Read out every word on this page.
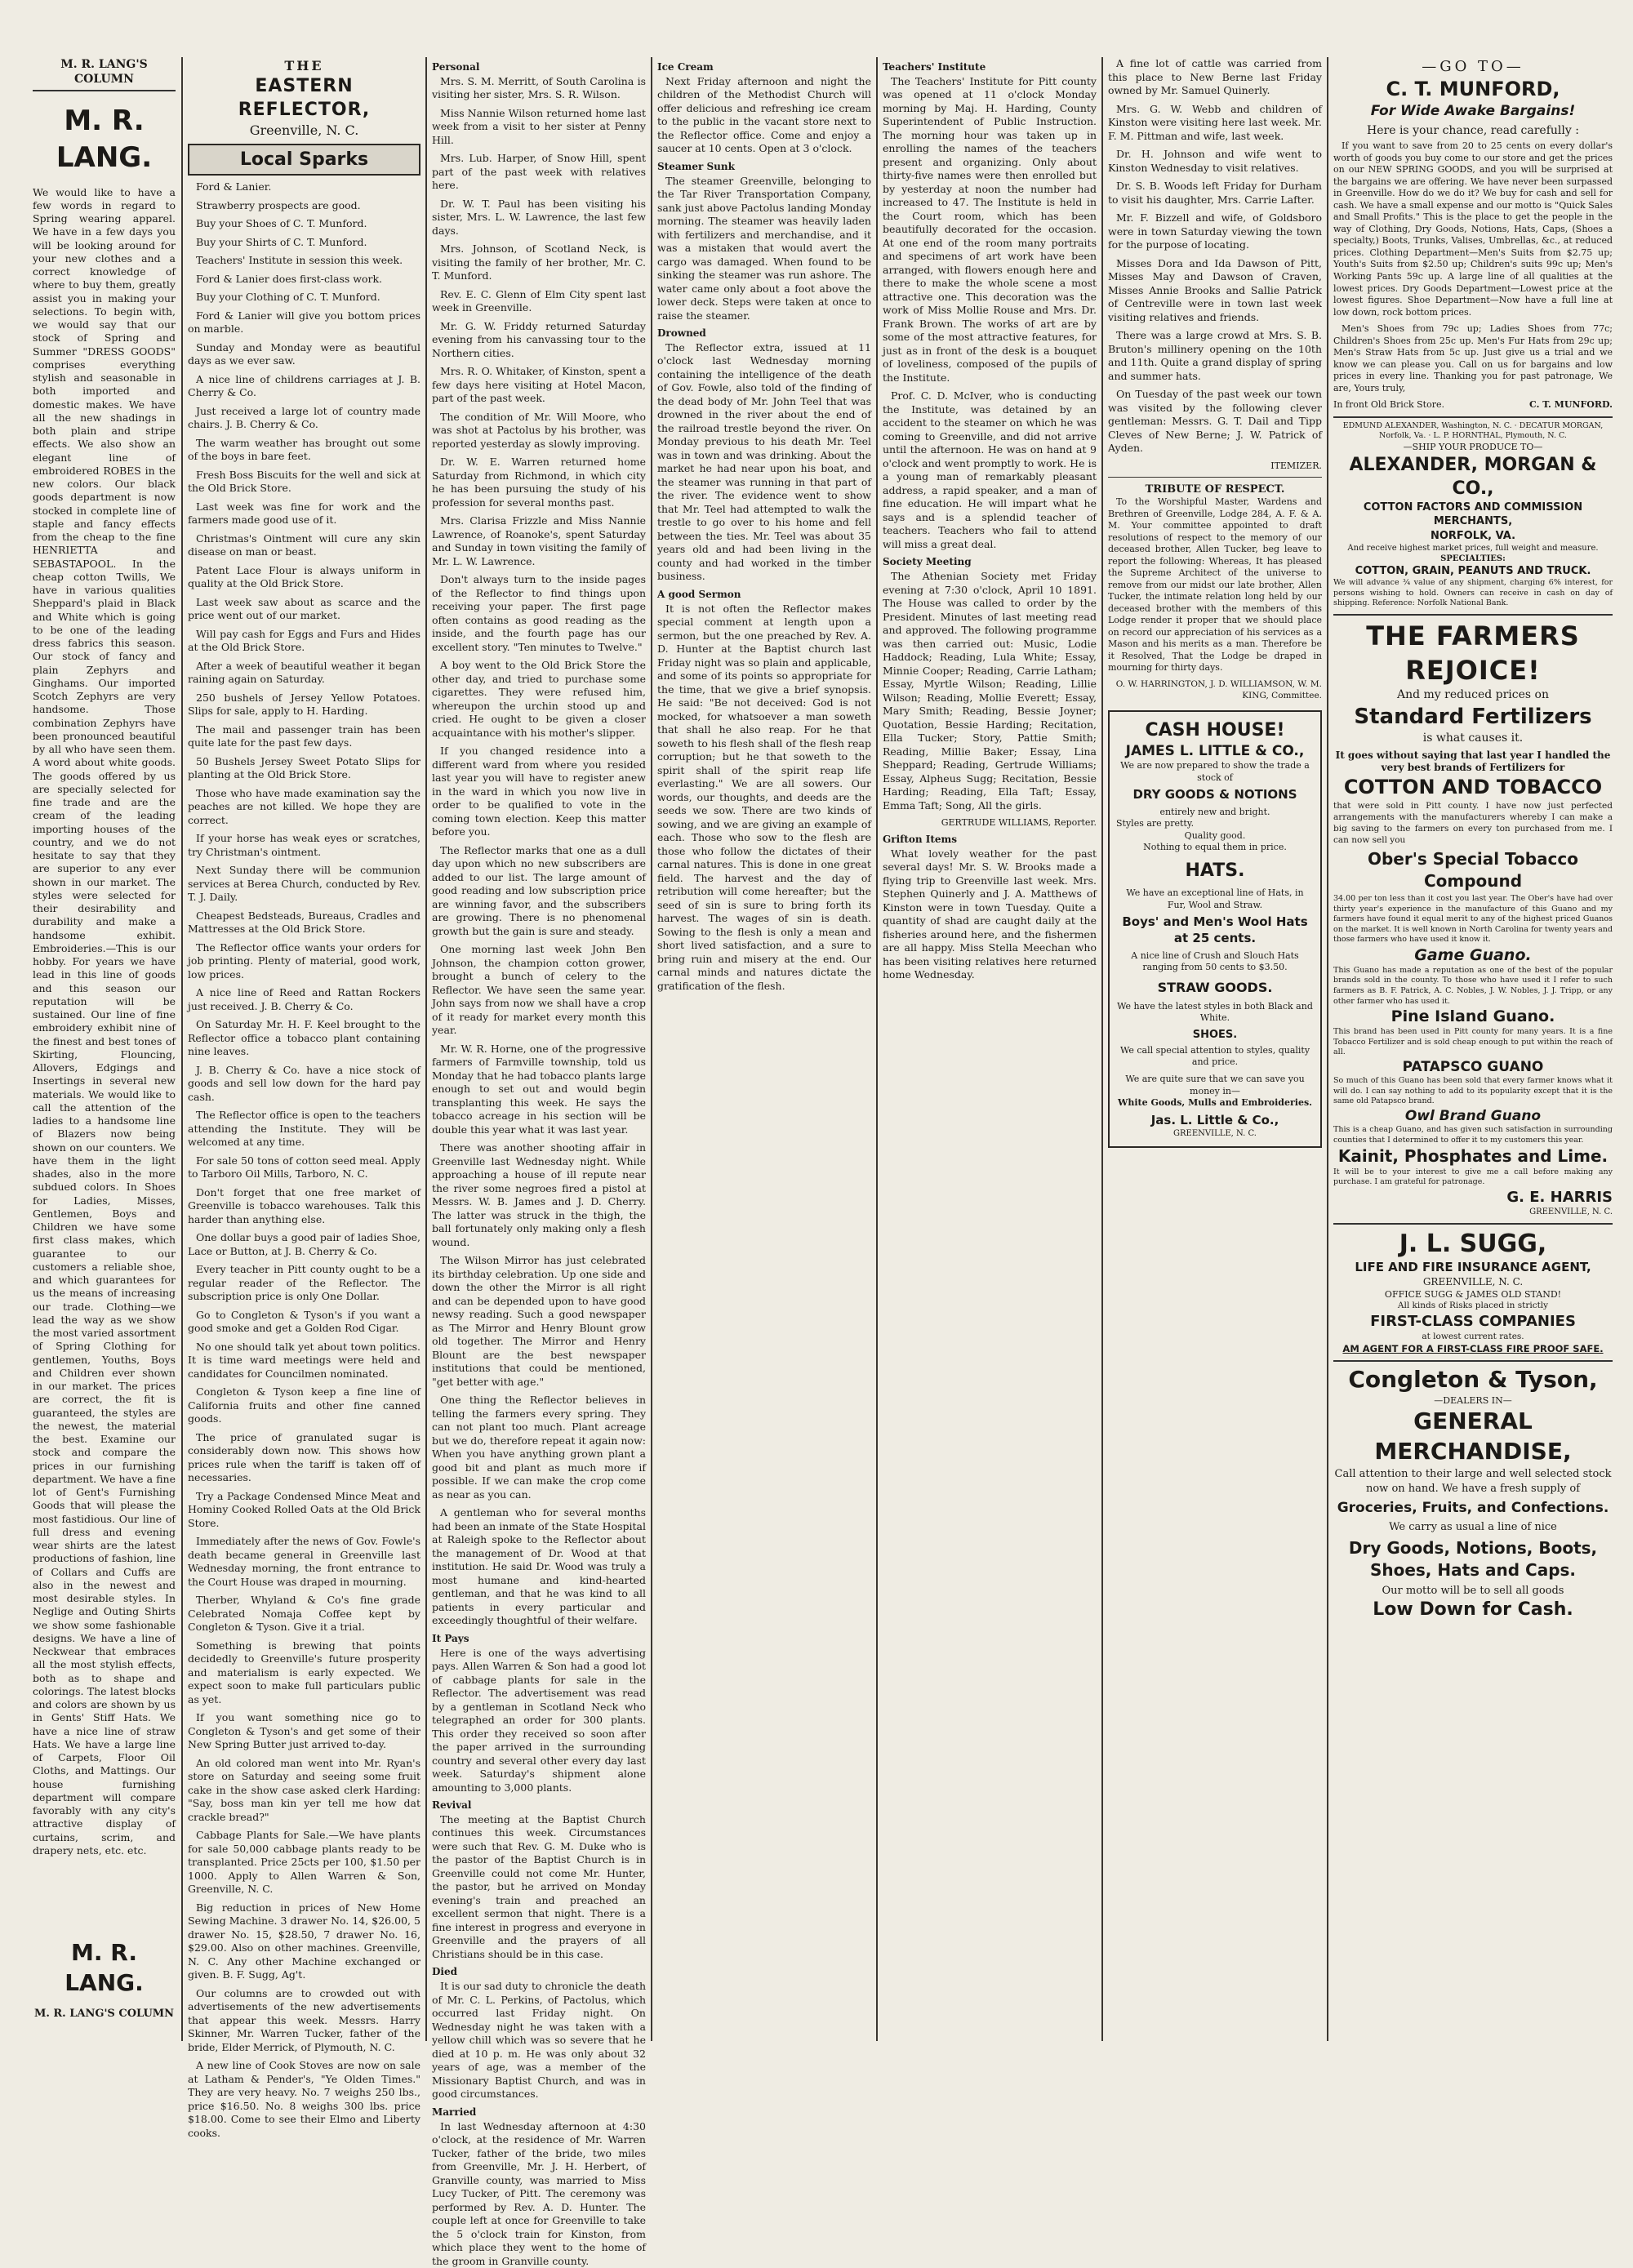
M. R. LANG'S COLUMN
M. R. LANG.
We would like to have a few words in regard to Spring wearing apparel. We have in a few days you will be looking around for your new clothes and a correct knowledge of where to buy them, greatly assist you in making your selections. To begin with, we would say that our stock of Spring and Summer "DRESS GOODS" comprises everything stylish and seasonable in both imported and domestic makes. We have all the new shadings in both plain and stripe effects. We also show an elegant line of embroidered ROBES in the new colors. Our black goods department is now stocked in complete line of staple and fancy effects from the cheap to the fine HENRIETTA and SEBASTAPOOL. In the cheap cotton Twills, We have in various qualities Sheppard's plaid in Black and White which is going to be one of the leading dress fabrics this season. Our stock of fancy and plain Zephyrs and Ginghams. Our imported Scotch Zephyrs are very handsome. Those combination Zephyrs have been pronounced beautiful by all who have seen them. A word about white goods. The goods offered by us are specially selected for fine trade and are the cream of the leading importing houses of the country, and we do not hesitate to say that they are superior to any ever shown in our market. The styles were selected for their desirability and durability and make a handsome exhibit. Embroideries.—This is our hobby. For years we have lead in this line of goods and this season our reputation will be sustained. Our line of fine embroidery exhibit nine of the finest and best tones of Skirting, Flouncing, Allovers, Edgings and Insertings in several new materials. We would like to call the attention of the ladies to a handsome line of Blazers now being shown on our counters. We have them in the light shades, also in the more subdued colors. In Shoes for Ladies, Misses, Gentlemen, Boys and Children we have some first class makes, which guarantee to our customers a reliable shoe, and which guarantees for us the means of increasing our trade. Clothing—we lead the way as we show the most varied assortment of Spring Clothing for gentlemen, Youths, Boys and Children ever shown in our market. The prices are correct, the fit is guaranteed, the styles are the newest, the material the best. Examine our stock and compare the prices in our furnishing department. We have a fine lot of Gent's Furnishing Goods that will please the most fastidious. Our line of full dress and evening wear shirts are the latest productions of fashion, line of Collars and Cuffs are also in the newest and most desirable styles. In Neglige and Outing Shirts we show some fashionable designs. We have a line of Neckwear that embraces all the most stylish effects, both as to shape and colorings. The latest blocks and colors are shown by us in Gents' Stiff Hats. We have a nice line of straw Hats. We have a large line of Carpets, Floor Oil Cloths, and Mattings. Our house furnishing department will compare favorably with any city's attractive display of curtains, scrim, and drapery nets, etc. etc.
M. R. LANG.
M. R. LANG'S COLUMN
THE
EASTERN REFLECTOR,
Greenville, N. C.
Local Sparks

Ford & Lanier.

Strawberry prospects are good.

Buy your Shoes of C. T. Munford.

Buy your Shirts of C. T. Munford.

Teachers' Institute in session this week.

Ford & Lanier does first-class work.

Buy your Clothing of C. T. Munford.

Ford & Lanier will give you bottom prices on marble.

Sunday and Monday were as beautiful days as we ever saw.

A nice line of childrens carriages at J. B. Cherry & Co.

Just received a large lot of country made chairs. J. B. Cherry & Co.

The warm weather has brought out some of the boys in bare feet.

Fresh Boss Biscuits for the well and sick at the Old Brick Store.

Last week was fine for work and the farmers made good use of it.

Christmas's Ointment will cure any skin disease on man or beast.

Patent Lace Flour is always uniform in quality at the Old Brick Store.

Last week saw about as scarce and the price went out of our market.

Will pay cash for Eggs and Furs and Hides at the Old Brick Store.

After a week of beautiful weather it began raining again on Saturday.

250 bushels of Jersey Yellow Potatoes. Slips for sale, apply to H. Harding.

The mail and passenger train has been quite late for the past few days.

50 Bushels Jersey Sweet Potato Slips for planting at the Old Brick Store.

Those who have made examination say the peaches are not killed. We hope they are correct.

If your horse has weak eyes or scratches, try Christman's ointment.

Next Sunday there will be communion services at Berea Church, conducted by Rev. T. J. Daily.

Cheapest Bedsteads, Bureaus, Cradles and Mattresses at the Old Brick Store.

The Reflector office wants your orders for job printing. Plenty of material, good work, low prices.

A nice line of Reed and Rattan Rockers just received. J. B. Cherry & Co.

On Saturday Mr. H. F. Keel brought to the Reflector office a tobacco plant containing nine leaves.

J. B. Cherry & Co. have a nice stock of goods and sell low down for the hard pay cash.

The Reflector office is open to the teachers attending the Institute. They will be welcomed at any time.

For sale 50 tons of cotton seed meal. Apply to Tarboro Oil Mills, Tarboro, N. C.

Don't forget that one free market of Greenville is tobacco warehouses. Talk this harder than anything else.

One dollar buys a good pair of ladies Shoe, Lace or Button, at J. B. Cherry & Co.

Every teacher in Pitt county ought to be a regular reader of the Reflector. The subscription price is only One Dollar.

Go to Congleton & Tyson's if you want a good smoke and get a Golden Rod Cigar.

No one should talk yet about town politics. It is time ward meetings were held and candidates for Councilmen nominated.

Congleton & Tyson keep a fine line of California fruits and other fine canned goods.

The price of granulated sugar is considerably down now. This shows how prices rule when the tariff is taken off of necessaries.

Try a Package Condensed Mince Meat and Hominy Cooked Rolled Oats at the Old Brick Store.

Immediately after the news of Gov. Fowle's death became general in Greenville last Wednesday morning, the front entrance to the Court House was draped in mourning.

Therber, Whyland & Co's fine grade Celebrated Nomaja Coffee kept by Congleton & Tyson. Give it a trial.

Something is brewing that points decidedly to Greenville's future prosperity and materialism is early expected. We expect soon to make full particulars public as yet.

If you want something nice go to Congleton & Tyson's and get some of their New Spring Butter just arrived to-day.

An old colored man went into Mr. Ryan's store on Saturday and seeing some fruit cake in the show case asked clerk Harding: "Say, boss man kin yer tell me how dat crackle bread?"

Cabbage Plants for Sale.—We have plants for sale 50,000 cabbage plants ready to be transplanted. Price 25cts per 100, $1.50 per 1000. Apply to Allen Warren & Son, Greenville, N. C.

Big reduction in prices of New Home Sewing Machine. 3 drawer No. 14, $26.00, 5 drawer No. 15, $28.50, 7 drawer No. 16, $29.00. Also on other machines. Greenville, N. C. Any other Machine exchanged or given. B. F. Sugg, Ag't.

Our columns are to crowded out with advertisements of the new advertisements that appear this week. Messrs. Harry Skinner, Mr. Warren Tucker, father of the bride, Elder Merrick, of Plymouth, N. C.

A new line of Cook Stoves are now on sale at Latham & Pender's, "Ye Olden Times." They are very heavy. No. 7 weighs 250 lbs., price $16.50. No. 8 weighs 300 lbs. price $18.00. Come to see their Elmo and Liberty cooks.

Personal

Mrs. S. M. Merritt, of South Carolina is visiting her sister, Mrs. S. R. Wilson.

Miss Nannie Wilson returned home last week from a visit to her sister at Penny Hill.

Mrs. Lub. Harper, of Snow Hill, spent part of the past week with relatives here.

Dr. W. T. Paul has been visiting his sister, Mrs. L. W. Lawrence, the last few days.

Mrs. Johnson, of Scotland Neck, is visiting the family of her brother, Mr. C. T. Munford.

Rev. E. C. Glenn of Elm City spent last week in Greenville.

Mr. G. W. Friddy returned Saturday evening from his canvassing tour to the Northern cities.

Mrs. R. O. Whitaker, of Kinston, spent a few days here visiting at Hotel Macon, part of the past week.

The condition of Mr. Will Moore, who was shot at Pactolus by his brother, was reported yesterday as slowly improving.

Dr. W. E. Warren returned home Saturday from Richmond, in which city he has been pursuing the study of his profession for several months past.

Mrs. Clarisa Frizzle and Miss Nannie Lawrence, of Roanoke's, spent Saturday and Sunday in town visiting the family of Mr. L. W. Lawrence.

Don't always turn to the inside pages of the Reflector to find things upon receiving your paper. The first page often contains as good reading as the inside, and the fourth page has our excellent story. "Ten minutes to Twelve."

A boy went to the Old Brick Store the other day, and tried to purchase some cigarettes. They were refused him, whereupon the urchin stood up and cried. He ought to be given a closer acquaintance with his mother's slipper.

If you changed residence into a different ward from where you resided last year you will have to register anew in the ward in which you now live in order to be qualified to vote in the coming town election. Keep this matter before you.

The Reflector marks that one as a dull day upon which no new subscribers are added to our list. The large amount of good reading and low subscription price are winning favor, and the subscribers are growing. There is no phenomenal growth but the gain is sure and steady.

One morning last week John Ben Johnson, the champion cotton grower, brought a bunch of celery to the Reflector. We have seen the same year. John says from now we shall have a crop of it ready for market every month this year.

Mr. W. R. Horne, one of the progressive farmers of Farmville township, told us Monday that he had tobacco plants large enough to set out and would begin transplanting this week. He says the tobacco acreage in his section will be double this year what it was last year.

There was another shooting affair in Greenville last Wednesday night. While approaching a house of ill repute near the river some negroes fired a pistol at Messrs. W. B. James and J. D. Cherry. The latter was struck in the thigh, the ball fortunately only making only a flesh wound.

The Wilson Mirror has just celebrated its birthday celebration. Up one side and down the other the Mirror is all right and can be depended upon to have good newsy reading. Such a good newspaper as The Mirror and Henry Blount grow old together. The Mirror and Henry Blount are the best newspaper institutions that could be mentioned, "get better with age."

One thing the Reflector believes in telling the farmers every spring. They can not plant too much. Plant acreage but we do, therefore repeat it again now: When you have anything grown plant a good bit and plant as much more if possible. If we can make the crop come as near as you can.

A gentleman who for several months had been an inmate of the State Hospital at Raleigh spoke to the Reflector about the management of Dr. Wood at that institution. He said Dr. Wood was truly a most humane and kind-hearted gentleman, and that he was kind to all patients in every particular and exceedingly thoughtful of their welfare.

It Pays

Here is one of the ways advertising pays. Allen Warren & Son had a good lot of cabbage plants for sale in the Reflector. The advertisement was read by a gentleman in Scotland Neck who telegraphed an order for 300 plants. This order they received so soon after the paper arrived in the surrounding country and several other every day last week. Saturday's shipment alone amounting to 3,000 plants.

Revival

The meeting at the Baptist Church continues this week. Circumstances were such that Rev. G. M. Duke who is the pastor of the Baptist Church is in Greenville could not come Mr. Hunter, the pastor, but he arrived on Monday evening's train and preached an excellent sermon that night. There is a fine interest in progress and everyone in Greenville and the prayers of all Christians should be in this case.

Died

It is our sad duty to chronicle the death of Mr. C. L. Perkins, of Pactolus, which occurred last Friday night. On Wednesday night he was taken with a yellow chill which was so severe that he died at 10 p. m. He was only about 32 years of age, was a member of the Missionary Baptist Church, and was in good circumstances.

Married

In last Wednesday afternoon at 4:30 o'clock, at the residence of Mr. Warren Tucker, father of the bride, two miles from Greenville, Mr. J. H. Herbert, of Granville county, was married to Miss Lucy Tucker, of Pitt. The ceremony was performed by Rev. A. D. Hunter. The couple left at once for Greenville to take the 5 o'clock train for Kinston, from which place they went to the home of the groom in Granville county.

Ice Cream

Next Friday afternoon and night the children of the Methodist Church will offer delicious and refreshing ice cream to the public in the vacant store next to the Reflector office. Come and enjoy a saucer at 10 cents. Open at 3 o'clock.

Steamer Sunk

The steamer Greenville, belonging to the Tar River Transportation Company, sank just above Pactolus landing Monday morning. The steamer was heavily laden with fertilizers and merchandise, and it was a mistaken that would avert the cargo was damaged. When found to be sinking the steamer was run ashore. The water came only about a foot above the lower deck. Steps were taken at once to raise the steamer.

Drowned

The Reflector extra, issued at 11 o'clock last Wednesday morning containing the intelligence of the death of Gov. Fowle, also told of the finding of the dead body of Mr. John Teel that was drowned in the river about the end of the railroad trestle beyond the river. On Monday previous to his death Mr. Teel was in town and was drinking. About the market he had near upon his boat, and the steamer was running in that part of the river. The evidence went to show that Mr. Teel had attempted to walk the trestle to go over to his home and fell between the ties. Mr. Teel was about 35 years old and had been living in the county and had worked in the timber business.

A good Sermon

It is not often the Reflector makes special comment at length upon a sermon, but the one preached by Rev. A. D. Hunter at the Baptist church last Friday night was so plain and applicable, and some of its points so appropriate for the time, that we give a brief synopsis. He said: "Be not deceived: God is not mocked, for whatsoever a man soweth that shall he also reap. For he that soweth to his flesh shall of the flesh reap corruption; but he that soweth to the spirit shall of the spirit reap life everlasting." We are all sowers. Our words, our thoughts, and deeds are the seeds we sow. There are two kinds of sowing, and we are giving an example of each. Those who sow to the flesh are those who follow the dictates of their carnal natures. This is done in one great field. The harvest and the day of retribution will come hereafter; but the seed of sin is sure to bring forth its harvest. The wages of sin is death. Sowing to the flesh is only a mean and short lived satisfaction, and a sure to bring ruin and misery at the end. Our carnal minds and natures dictate the gratification of the flesh.

Teachers' Institute

The Teachers' Institute for Pitt county was opened at 11 o'clock Monday morning by Maj. H. Harding, County Superintendent of Public Instruction. The morning hour was taken up in enrolling the names of the teachers present and organizing. Only about thirty-five names were then enrolled but by yesterday at noon the number had increased to 47. The Institute is held in the Court room, which has been beautifully decorated for the occasion. At one end of the room many portraits and specimens of art work have been arranged, with flowers enough here and there to make the whole scene a most attractive one. This decoration was the work of Miss Mollie Rouse and Mrs. Dr. Frank Brown. The works of art are by some of the most attractive features, for just as in front of the desk is a bouquet of loveliness, composed of the pupils of the Institute.

Prof. C. D. McIver, who is conducting the Institute, was detained by an accident to the steamer on which he was coming to Greenville, and did not arrive until the afternoon. He was on hand at 9 o'clock and went promptly to work. He is a young man of remarkably pleasant address, a rapid speaker, and a man of fine education. He will impart what he says and is a splendid teacher of teachers. Teachers who fail to attend will miss a great deal.

Society Meeting

The Athenian Society met Friday evening at 7:30 o'clock, April 10 1891. The House was called to order by the President. Minutes of last meeting read and approved. The following programme was then carried out: Music, Lodie Haddock; Reading, Lula White; Essay, Minnie Cooper; Reading, Carrie Latham; Essay, Myrtle Wilson; Reading, Lillie Wilson; Reading, Mollie Everett; Essay, Mary Smith; Reading, Bessie Joyner; Quotation, Bessie Harding; Recitation, Ella Tucker; Story, Pattie Smith; Reading, Millie Baker; Essay, Lina Sheppard; Reading, Gertrude Williams; Essay, Alpheus Sugg; Recitation, Bessie Harding; Reading, Ella Taft; Essay, Emma Taft; Song, All the girls.

GERTRUDE WILLIAMS, Reporter.
Grifton Items

What lovely weather for the past several days! Mr. S. W. Brooks made a flying trip to Greenville last week. Mrs. Stephen Quinerly and J. A. Matthews of Kinston were in town Tuesday. Quite a quantity of shad are caught daily at the fisheries around here, and the fishermen are all happy. Miss Stella Meechan who has been visiting relatives here returned home Wednesday.

A fine lot of cattle was carried from this place to New Berne last Friday owned by Mr. Samuel Quinerly.

Mrs. G. W. Webb and children of Kinston were visiting here last week. Mr. F. M. Pittman and wife, last week.

Dr. H. Johnson and wife went to Kinston Wednesday to visit relatives.

Dr. S. B. Woods left Friday for Durham to visit his daughter, Mrs. Carrie Lafter.

Mr. F. Bizzell and wife, of Goldsboro were in town Saturday viewing the town for the purpose of locating.

Misses Dora and Ida Dawson of Pitt, Misses May and Dawson of Craven, Misses Annie Brooks and Sallie Patrick of Centreville were in town last week visiting relatives and friends.

There was a large crowd at Mrs. S. B. Bruton's millinery opening on the 10th and 11th. Quite a grand display of spring and summer hats.

On Tuesday of the past week our town was visited by the following clever gentleman: Messrs. G. T. Dail and Tipp Cleves of New Berne; J. W. Patrick of Ayden.

ITEMIZER.
TRIBUTE OF RESPECT.

To the Worshipful Master, Wardens and Brethren of Greenville, Lodge 284, A. F. & A. M. Your committee appointed to draft resolutions of respect to the memory of our deceased brother, Allen Tucker, beg leave to report the following: Whereas, It has pleased the Supreme Architect of the universe to remove from our midst our late brother, Allen Tucker, the intimate relation long held by our deceased brother with the members of this Lodge render it proper that we should place on record our appreciation of his services as a Mason and his merits as a man. Therefore be it Resolved, That the Lodge be draped in mourning for thirty days.

O. W. HARRINGTON, J. D. WILLIAMSON, W. M. KING, Committee.
CASH HOUSE!
JAMES L. LITTLE & CO.,
We are now prepared to show the trade a stock of
DRY GOODS & NOTIONS
entirely new and bright.
Styles are pretty.
Quality good.
Nothing to equal them in price.
HATS.
We have an exceptional line of Hats, in Fur, Wool and Straw.
Boys' and Men's Wool Hats at 25 cents.
A nice line of Crush and Slouch Hats ranging from 50 cents to $3.50.
STRAW GOODS.
We have the latest styles in both Black and White.
SHOES.
We call special attention to styles, quality and price.
We are quite sure that we can save you money in—
White Goods, Mulls and Embroideries.
Jas. L. Little & Co.,
GREENVILLE, N. C.
—GO TO—
C. T. MUNFORD,
For Wide Awake Bargains!
Here is your chance, read carefully :

If you want to save from 20 to 25 cents on every dollar's worth of goods you buy come to our store and get the prices on our NEW SPRING GOODS, and you will be surprised at the bargains we are offering. We have never been surpassed in Greenville. How do we do it? We buy for cash and sell for cash. We have a small expense and our motto is "Quick Sales and Small Profits." This is the place to get the people in the way of Clothing, Dry Goods, Notions, Hats, Caps, (Shoes a specialty,) Boots, Trunks, Valises, Umbrellas, &c., at reduced prices. Clothing Department—Men's Suits from $2.75 up; Youth's Suits from $2.50 up; Children's suits 99c up; Men's Working Pants 59c up. A large line of all qualities at the lowest prices. Dry Goods Department—Lowest price at the lowest figures. Shoe Department—Now have a full line at low down, rock bottom prices.

Men's Shoes from 79c up; Ladies Shoes from 77c; Children's Shoes from 25c up. Men's Fur Hats from 29c up; Men's Straw Hats from 5c up. Just give us a trial and we know we can please you. Call on us for bargains and low prices in every line. Thanking you for past patronage, We are, Yours truly,

In front Old Brick Store.	C. T. MUNFORD.
EDMUND ALEXANDER, Washington, N. C. · DECATUR MORGAN, Norfolk, Va. · L. P. HORNTHAL, Plymouth, N. C.
—SHIP YOUR PRODUCE TO—
ALEXANDER, MORGAN & CO.,
COTTON FACTORS AND COMMISSION MERCHANTS,
NORFOLK, VA.
And receive highest market prices, full weight and measure.
SPECIALTIES:
COTTON, GRAIN, PEANUTS AND TRUCK.
We will advance ¾ value of any shipment, charging 6% interest, for persons wishing to hold. Owners can receive in cash on day of shipping. Reference: Norfolk National Bank.
THE FARMERS REJOICE!
And my reduced prices on
Standard Fertilizers
is what causes it.
It goes without saying that last year I handled the very best brands of Fertilizers for
COTTON AND TOBACCO
that were sold in Pitt county. I have now just perfected arrangements with the manufacturers whereby I can make a big saving to the farmers on every ton purchased from me. I can now sell you
Ober's Special Tobacco Compound
34.00 per ton less than it cost you last year. The Ober's have had over thirty year's experience in the manufacture of this Guano and my farmers have found it equal merit to any of the highest priced Guanos on the market. It is well known in North Carolina for twenty years and those farmers who have used it know it.
Game Guano.
This Guano has made a reputation as one of the best of the popular brands sold in the county. To those who have used it I refer to such farmers as B. F. Patrick, A. C. Nobles, J. W. Nobles, J. J. Tripp, or any other farmer who has used it.
Pine Island Guano.
This brand has been used in Pitt county for many years. It is a fine Tobacco Fertilizer and is sold cheap enough to put within the reach of all.
PATAPSCO GUANO
So much of this Guano has been sold that every farmer knows what it will do. I can say nothing to add to its popularity except that it is the same old Patapsco brand.
Owl Brand Guano
This is a cheap Guano, and has given such satisfaction in surrounding counties that I determined to offer it to my customers this year.
Kainit, Phosphates and Lime.
It will be to your interest to give me a call before making any purchase. I am grateful for patronage.
G. E. HARRIS
GREENVILLE, N. C.
J. L. SUGG,
LIFE AND FIRE INSURANCE AGENT,
GREENVILLE, N. C.
OFFICE SUGG & JAMES OLD STAND!
All kinds of Risks placed in strictly
FIRST-CLASS COMPANIES
at lowest current rates.
AM AGENT FOR A FIRST-CLASS FIRE PROOF SAFE.
Congleton & Tyson,
—DEALERS IN—
GENERAL MERCHANDISE,
Call attention to their large and well selected stock now on hand. We have a fresh supply of
Groceries, Fruits, and Confections.
We carry as usual a line of nice
Dry Goods, Notions, Boots, Shoes, Hats and Caps.
Our motto will be to sell all goods
Low Down for Cash.
